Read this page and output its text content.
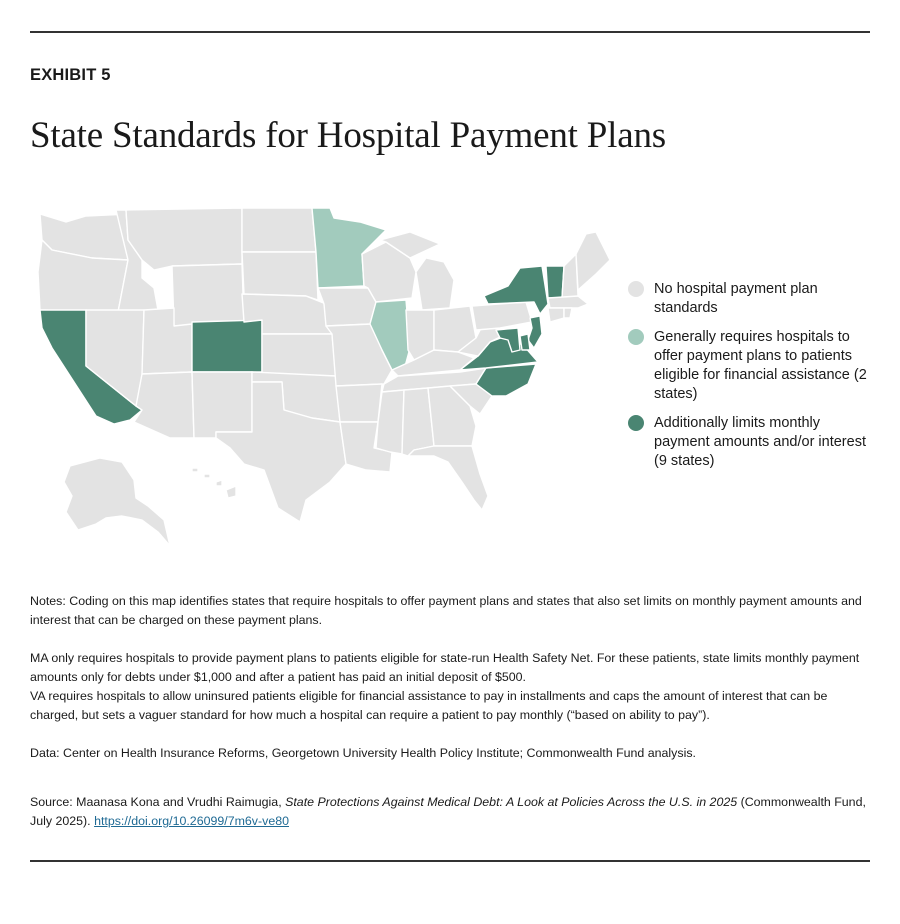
EXHIBIT 5
State Standards for Hospital Payment Plans
No hospital payment plan standards
Generally requires hospitals to offer payment plans to patients eligible for financial assistance (2 states)
Additionally limits monthly payment amounts and/or interest (9 states)

Notes: Coding on this map identifies states that require hospitals to offer payment plans and states that also set limits on monthly payment amounts and interest that can be charged on these payment plans.

MA only requires hospitals to provide payment plans to patients eligible for state-run Health Safety Net. For these patients, state limits monthly payment amounts only for debts under $1,000 and after a patient has paid an initial deposit of $500.

VA requires hospitals to allow uninsured patients eligible for financial assistance to pay in installments and caps the amount of interest that can be charged, but sets a vaguer standard for how much a hospital can require a patient to pay monthly (“based on ability to pay”).

Data: Center on Health Insurance Reforms, Georgetown University Health Policy Institute; Commonwealth Fund analysis.

Source: Maanasa Kona and Vrudhi Raimugia, State Protections Against Medical Debt: A Look at Policies Across the U.S. in 2025 (Commonwealth Fund, July 2025). https://doi.org/10.26099/7m6v-ve80
